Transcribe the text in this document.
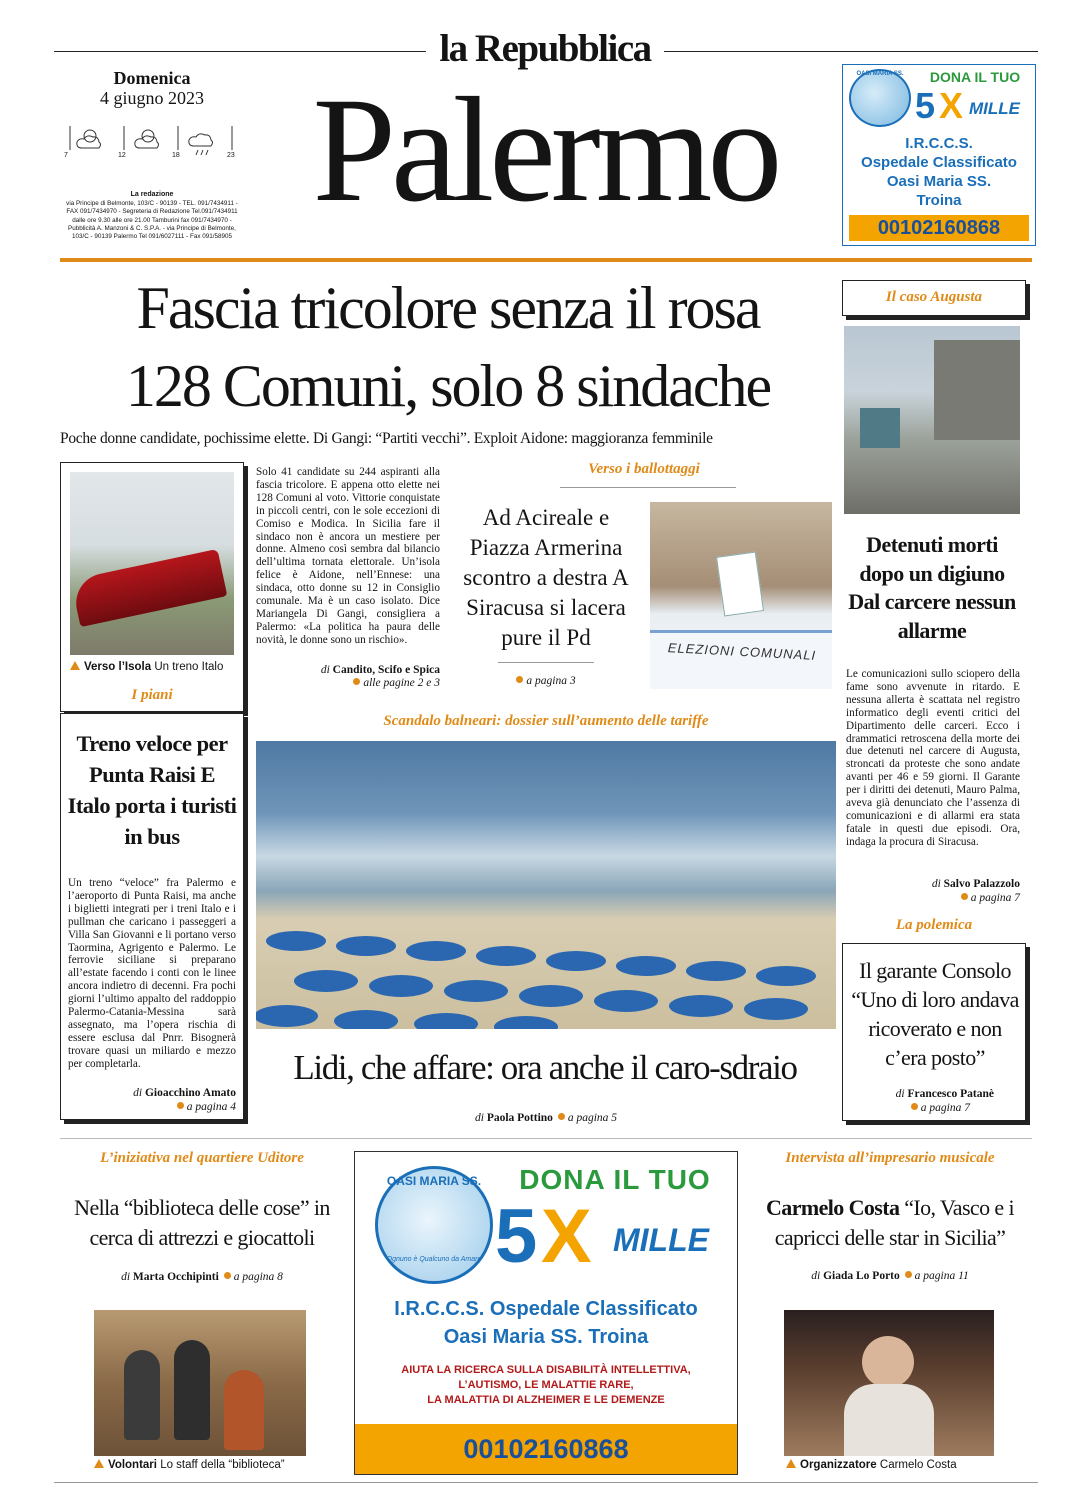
la Repubblica
Domenica
4 giugno 2023
7	12	18	23
La redazione
via Principe di Belmonte, 103/C - 90139 - TEL. 091/7434911 - FAX 091/7434970 - Segreteria di Redazione Tel.091/7434911 dalle ore 9.30 alle ore 21.00 Tamburini fax 091/7434970 - Pubblicità A. Manzoni & C. S.P.A. - via Principe di Belmonte, 103/C - 90139 Palermo Tel 091/6027111 - Fax 091/58905
Palermo	OASI MARIA SS.	DONA IL TUO
5 X MILLE
I.R.C.C.S.
Ospedale Classificato
Oasi Maria SS.
Troina
00102160868
Fascia tricolore senza il rosa
128 Comuni, solo 8 sindache
Poche donne candidate, pochissime elette. Di Gangi: “Partiti vecchi”. Exploit Aidone: maggioranza femminile
Solo 41 candidate su 244 aspiranti alla fascia tricolore. E appena otto elette nei 128 Comuni al voto. Vittorie conquistate in piccoli centri, con le sole eccezioni di Comiso e Modica. In Sicilia fare il sindaco non è ancora un mestiere per donne. Almeno così sembra dal bilancio dell’ultima tornata elettorale. Un’isola felice è Aidone, nell’Ennese: una sindaca, otto donne su 12 in Consiglio comunale. Ma è un caso isolato. Dice Mariangela Di Gangi, consigliera a Palermo: «La politica ha paura delle novità, le donne sono un rischio».
di Candito, Scifo e Spica
alle pagine 2 e 3
Verso i ballottaggi
Ad Acireale e Piazza Armerina scontro a destra A Siracusa si lacera pure il Pd
a pagina 3
ELEZIONI COMUNALI
Verso l’Isola Un treno Italo
I piani
Treno veloce per Punta Raisi E Italo porta i turisti in bus
Un treno “veloce” fra Palermo e l’aeroporto di Punta Raisi, ma anche i biglietti integrati per i treni Italo e i pullman che caricano i passeggeri a Villa San Giovanni e li portano verso Taormina, Agrigento e Palermo. Le ferrovie siciliane si preparano all’estate facendo i conti con le linee ancora indietro di decenni. Fra pochi giorni l’ultimo appalto del raddoppio Palermo-Catania-Messina sarà assegnato, ma l’opera rischia di essere esclusa dal Pnrr. Bisognerà trovare quasi un miliardo e mezzo per completarla.
di Gioacchino Amato
a pagina 4
Scandalo balneari: dossier sull’aumento delle tariffe
Lidi, che affare: ora anche il caro-sdraio
di Paola Pottino a pagina 5
Il caso Augusta
Detenuti morti dopo un digiuno Dal carcere nessun allarme
Le comunicazioni sullo sciopero della fame sono avvenute in ritardo. E nessuna allerta è scattata nel registro informatico degli eventi critici del Dipartimento delle carceri. Ecco i drammatici retroscena della morte dei due detenuti nel carcere di Augusta, stroncati da proteste che sono andate avanti per 46 e 59 giorni. Il Garante per i diritti dei detenuti, Mauro Palma, aveva già denunciato che l’assenza di comunicazioni e di allarmi era stata fatale in questi due episodi. Ora, indaga la procura di Siracusa.
di Salvo Palazzolo
a pagina 7
La polemica
Il garante Consolo “Uno di loro andava ricoverato e non c’era posto”
di Francesco Patanè
a pagina 7
L’iniziativa nel quartiere Uditore
Nella “biblioteca delle cose” in cerca di attrezzi e giocattoli
di Marta Occhipinti a pagina 8
Volontari Lo staff della “biblioteca”
OASI MARIA SS.
Ognuno è Qualcuno da Amare
DONA IL TUO
5 X MILLE
I.R.C.C.S. Ospedale Classificato
Oasi Maria SS. Troina
AIUTA LA RICERCA SULLA DISABILITÀ INTELLETTIVA,
L’AUTISMO, LE MALATTIE RARE,
LA MALATTIA DI ALZHEIMER E LE DEMENZE
00102160868
Intervista all’impresario musicale
Carmelo Costa “Io, Vasco e i capricci delle star in Sicilia”
di Giada Lo Porto a pagina 11
Organizzatore Carmelo Costa
